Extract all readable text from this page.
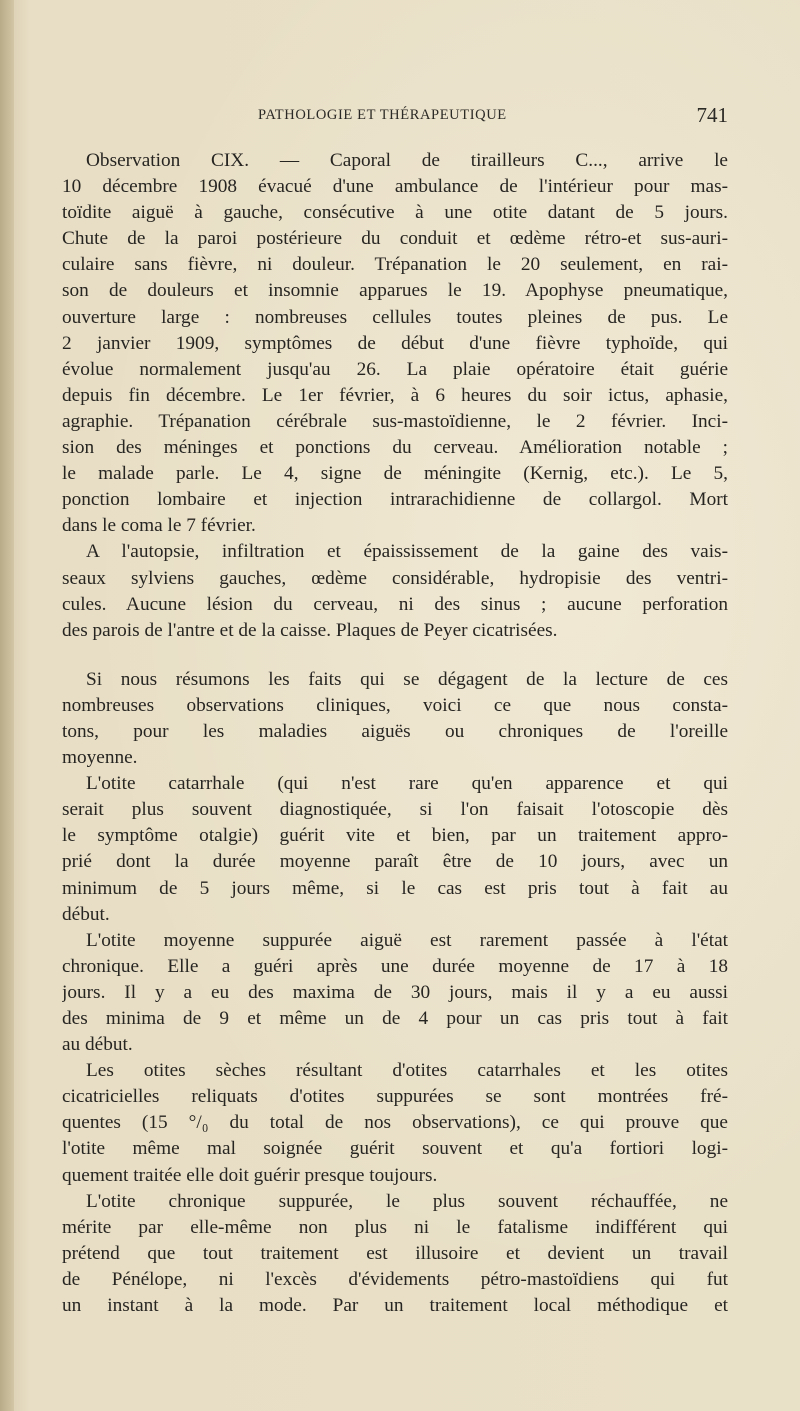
PATHOLOGIE ET THÉRAPEUTIQUE	741
Observation CIX. — Caporal de tirailleurs C..., arrive le
10 décembre 1908 évacué d'une ambulance de l'intérieur pour mas-
toïdite aiguë à gauche, consécutive à une otite datant de 5 jours.
Chute de la paroi postérieure du conduit et œdème rétro-et sus-auri-
culaire sans fièvre, ni douleur. Trépanation le 20 seulement, en rai-
son de douleurs et insomnie apparues le 19. Apophyse pneumatique,
ouverture large : nombreuses cellules toutes pleines de pus. Le
2 janvier 1909, symptômes de début d'une fièvre typhoïde, qui
évolue normalement jusqu'au 26. La plaie opératoire était guérie
depuis fin décembre. Le 1er février, à 6 heures du soir ictus, aphasie,
agraphie. Trépanation cérébrale sus-mastoïdienne, le 2 février. Inci-
sion des méninges et ponctions du cerveau. Amélioration notable ;
le malade parle. Le 4, signe de méningite (Kernig, etc.). Le 5,
ponction lombaire et injection intrarachidienne de collargol. Mort
dans le coma le 7 février.
A l'autopsie, infiltration et épaississement de la gaine des vais-
seaux sylviens gauches, œdème considérable, hydropisie des ventri-
cules. Aucune lésion du cerveau, ni des sinus ; aucune perforation
des parois de l'antre et de la caisse. Plaques de Peyer cicatrisées.
Si nous résumons les faits qui se dégagent de la lecture de ces
nombreuses observations cliniques, voici ce que nous consta-
tons, pour les maladies aiguës ou chroniques de l'oreille
moyenne.
L'otite catarrhale (qui n'est rare qu'en apparence et qui
serait plus souvent diagnostiquée, si l'on faisait l'otoscopie dès
le symptôme otalgie) guérit vite et bien, par un traitement appro-
prié dont la durée moyenne paraît être de 10 jours, avec un
minimum de 5 jours même, si le cas est pris tout à fait au
début.
L'otite moyenne suppurée aiguë est rarement passée à l'état
chronique. Elle a guéri après une durée moyenne de 17 à 18
jours. Il y a eu des maxima de 30 jours, mais il y a eu aussi
des minima de 9 et même un de 4 pour un cas pris tout à fait
au début.
Les otites sèches résultant d'otites catarrhales et les otites
cicatricielles reliquats d'otites suppurées se sont montrées fré-
quentes (15 °/₀ du total de nos observations), ce qui prouve que
l'otite même mal soignée guérit souvent et qu'a fortiori logi-
quement traitée elle doit guérir presque toujours.
L'otite chronique suppurée, le plus souvent réchauffée, ne
mérite par elle-même non plus ni le fatalisme indifférent qui
prétend que tout traitement est illusoire et devient un travail
de Pénélope, ni l'excès d'évidements pétro-mastoïdiens qui fut
un instant à la mode. Par un traitement local méthodique et
